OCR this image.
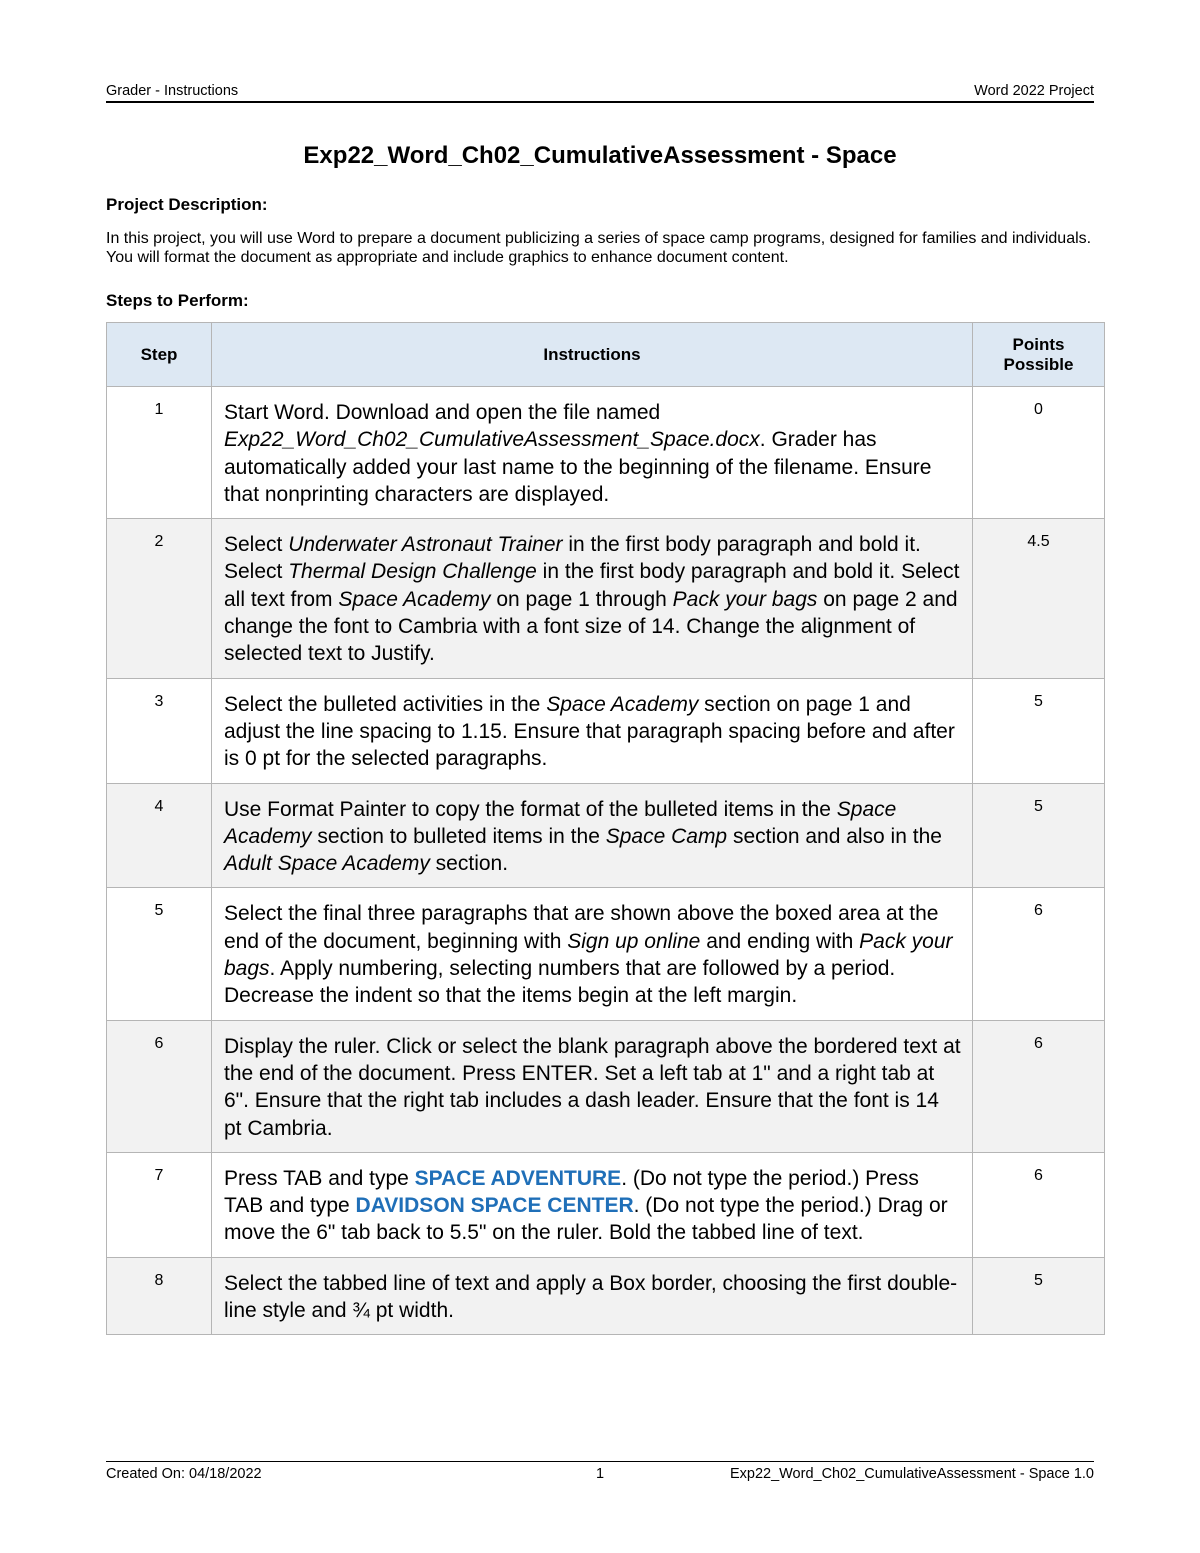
Grader - Instructions	Word 2022 Project
Exp22_Word_Ch02_CumulativeAssessment - Space
Project Description:
In this project, you will use Word to prepare a document publicizing a series of space camp programs, designed for families and individuals. You will format the document as appropriate and include graphics to enhance document content.
Steps to Perform:
Step	Instructions	Points
Possible
1	Start Word. Download and open the file named Exp22_Word_Ch02_CumulativeAssessment_Space.docx. Grader has automatically added your last name to the beginning of the filename. Ensure that nonprinting characters are displayed.	0
2	Select Underwater Astronaut Trainer in the first body paragraph and bold it. Select Thermal Design Challenge in the first body paragraph and bold it. Select all text from Space Academy on page 1 through Pack your bags on page 2 and change the font to Cambria with a font size of 14. Change the alignment of selected text to Justify.	4.5
3	Select the bulleted activities in the Space Academy section on page 1 and adjust the line spacing to 1.15. Ensure that paragraph spacing before and after is 0 pt for the selected paragraphs.	5
4	Use Format Painter to copy the format of the bulleted items in the Space Academy section to bulleted items in the Space Camp section and also in the Adult Space Academy section.	5
5	Select the final three paragraphs that are shown above the boxed area at the end of the document, beginning with Sign up online and ending with Pack your bags. Apply numbering, selecting numbers that are followed by a period. Decrease the indent so that the items begin at the left margin.	6
6	Display the ruler. Click or select the blank paragraph above the bordered text at the end of the document. Press ENTER. Set a left tab at 1" and a right tab at 6". Ensure that the right tab includes a dash leader. Ensure that the font is 14 pt Cambria.	6
7	Press TAB and type SPACE ADVENTURE. (Do not type the period.) Press TAB and type DAVIDSON SPACE CENTER. (Do not type the period.) Drag or move the 6" tab back to 5.5" on the ruler. Bold the tabbed line of text.	6
8	Select the tabbed line of text and apply a Box border, choosing the first double-line style and ¾ pt width.	5
Created On: 04/18/2022	1	Exp22_Word_Ch02_CumulativeAssessment - Space 1.0
